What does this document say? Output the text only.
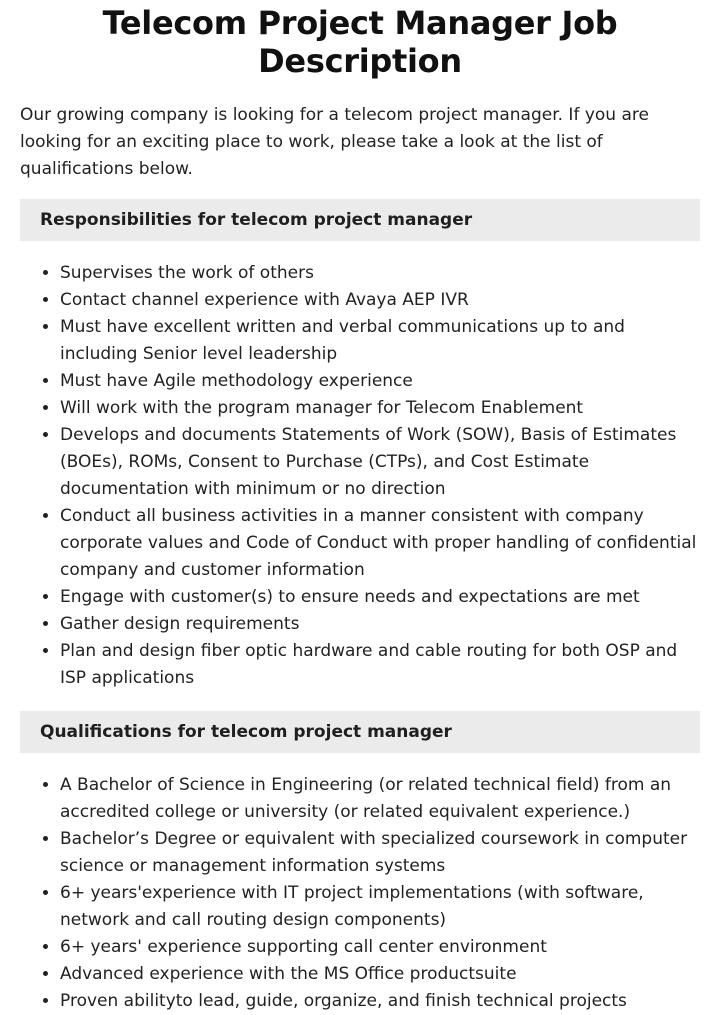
Telecom Project Manager Job Description

Our growing company is looking for a telecom project manager. If you are looking for an exciting place to work, please take a look at the list of qualifications below.

Responsibilities for telecom project manager
• Supervises the work of others
• Contact channel experience with Avaya AEP IVR
• Must have excellent written and verbal communications up to and including Senior level leadership
• Must have Agile methodology experience
• Will work with the program manager for Telecom Enablement
• Develops and documents Statements of Work (SOW), Basis of Estimates (BOEs), ROMs, Consent to Purchase (CTPs), and Cost Estimate documentation with minimum or no direction
• Conduct all business activities in a manner consistent with company corporate values and Code of Conduct with proper handling of confidential company and customer information
• Engage with customer(s) to ensure needs and expectations are met
• Gather design requirements
• Plan and design fiber optic hardware and cable routing for both OSP and ISP applications
Qualifications for telecom project manager
• A Bachelor of Science in Engineering (or related technical field) from an accredited college or university (or related equivalent experience.)
• Bachelor’s Degree or equivalent with specialized coursework in computer science or management information systems
• 6+ years'experience with IT project implementations (with software, network and call routing design components)
• 6+ years' experience supporting call center environment
• Advanced experience with the MS Office productsuite
• Proven abilityto lead, guide, organize, and finish technical projects
